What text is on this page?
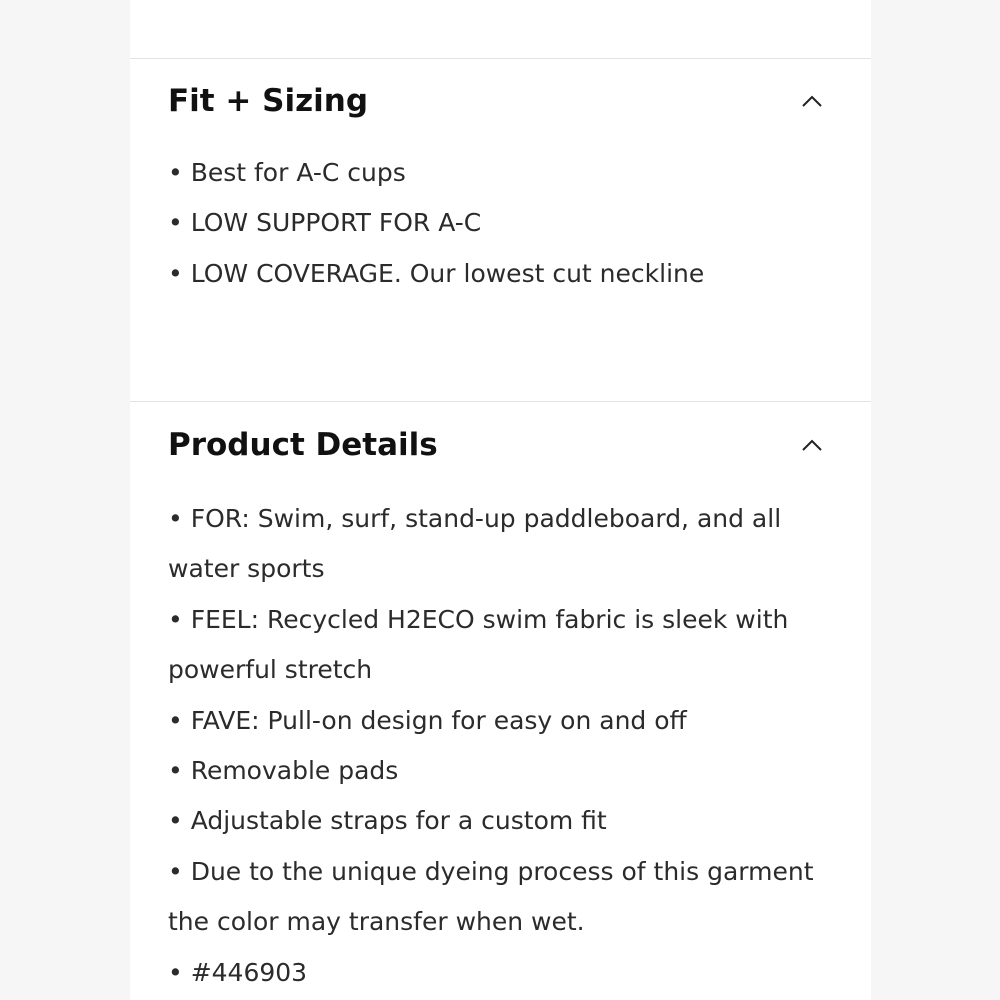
Fit + Sizing
• Best for A-C cups
• LOW SUPPORT FOR A-C
• LOW COVERAGE. Our lowest cut neckline
Product Details
• FOR: Swim, surf, stand-up paddleboard, and all water sports
• FEEL: Recycled H2ECO swim fabric is sleek with powerful stretch
• FAVE: Pull-on design for easy on and off
• Removable pads
• Adjustable straps for a custom fit
• Due to the unique dyeing process of this garment the color may transfer when wet.
• #446903
